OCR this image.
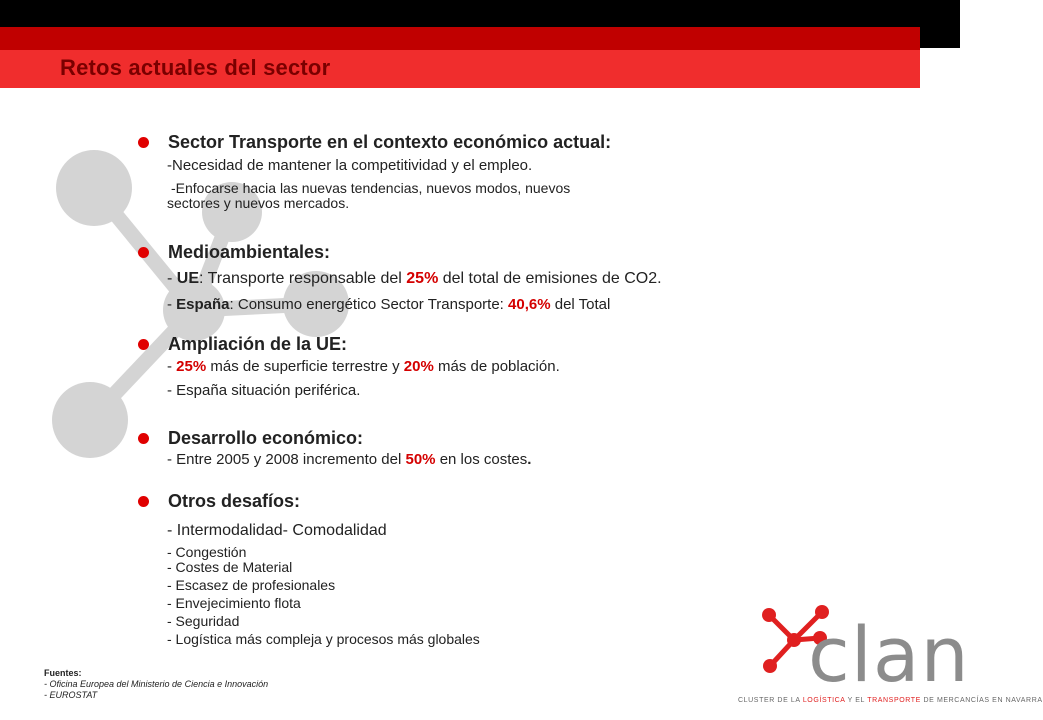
Retos actuales del sector
Sector Transporte en el contexto económico actual:
-Necesidad de mantener la competitividad y el empleo.
-Enfocarse hacia las nuevas tendencias, nuevos modos, nuevos
sectores y nuevos mercados.
Medioambientales:
- UE: Transporte responsable del 25% del total de emisiones de CO2.
- España: Consumo energético Sector Transporte: 40,6% del Total
Ampliación de la UE:
- 25% más de superficie terrestre y 20% más de población.
- España situación periférica.
Desarrollo económico:
- Entre 2005 y 2008 incremento del 50% en los costes.
Otros desafíos:
- Intermodalidad- Comodalidad
- Congestión
- Costes de Material
- Escasez de profesionales
- Envejecimiento flota
- Seguridad
- Logística más compleja y procesos más globales
Fuentes:
- Oficina Europea del Ministerio de Ciencia e Innovación
- EUROSTAT	clan
CLUSTER DE LA LOGÍSTICA Y EL TRANSPORTE DE MERCANCÍAS EN NAVARRA
